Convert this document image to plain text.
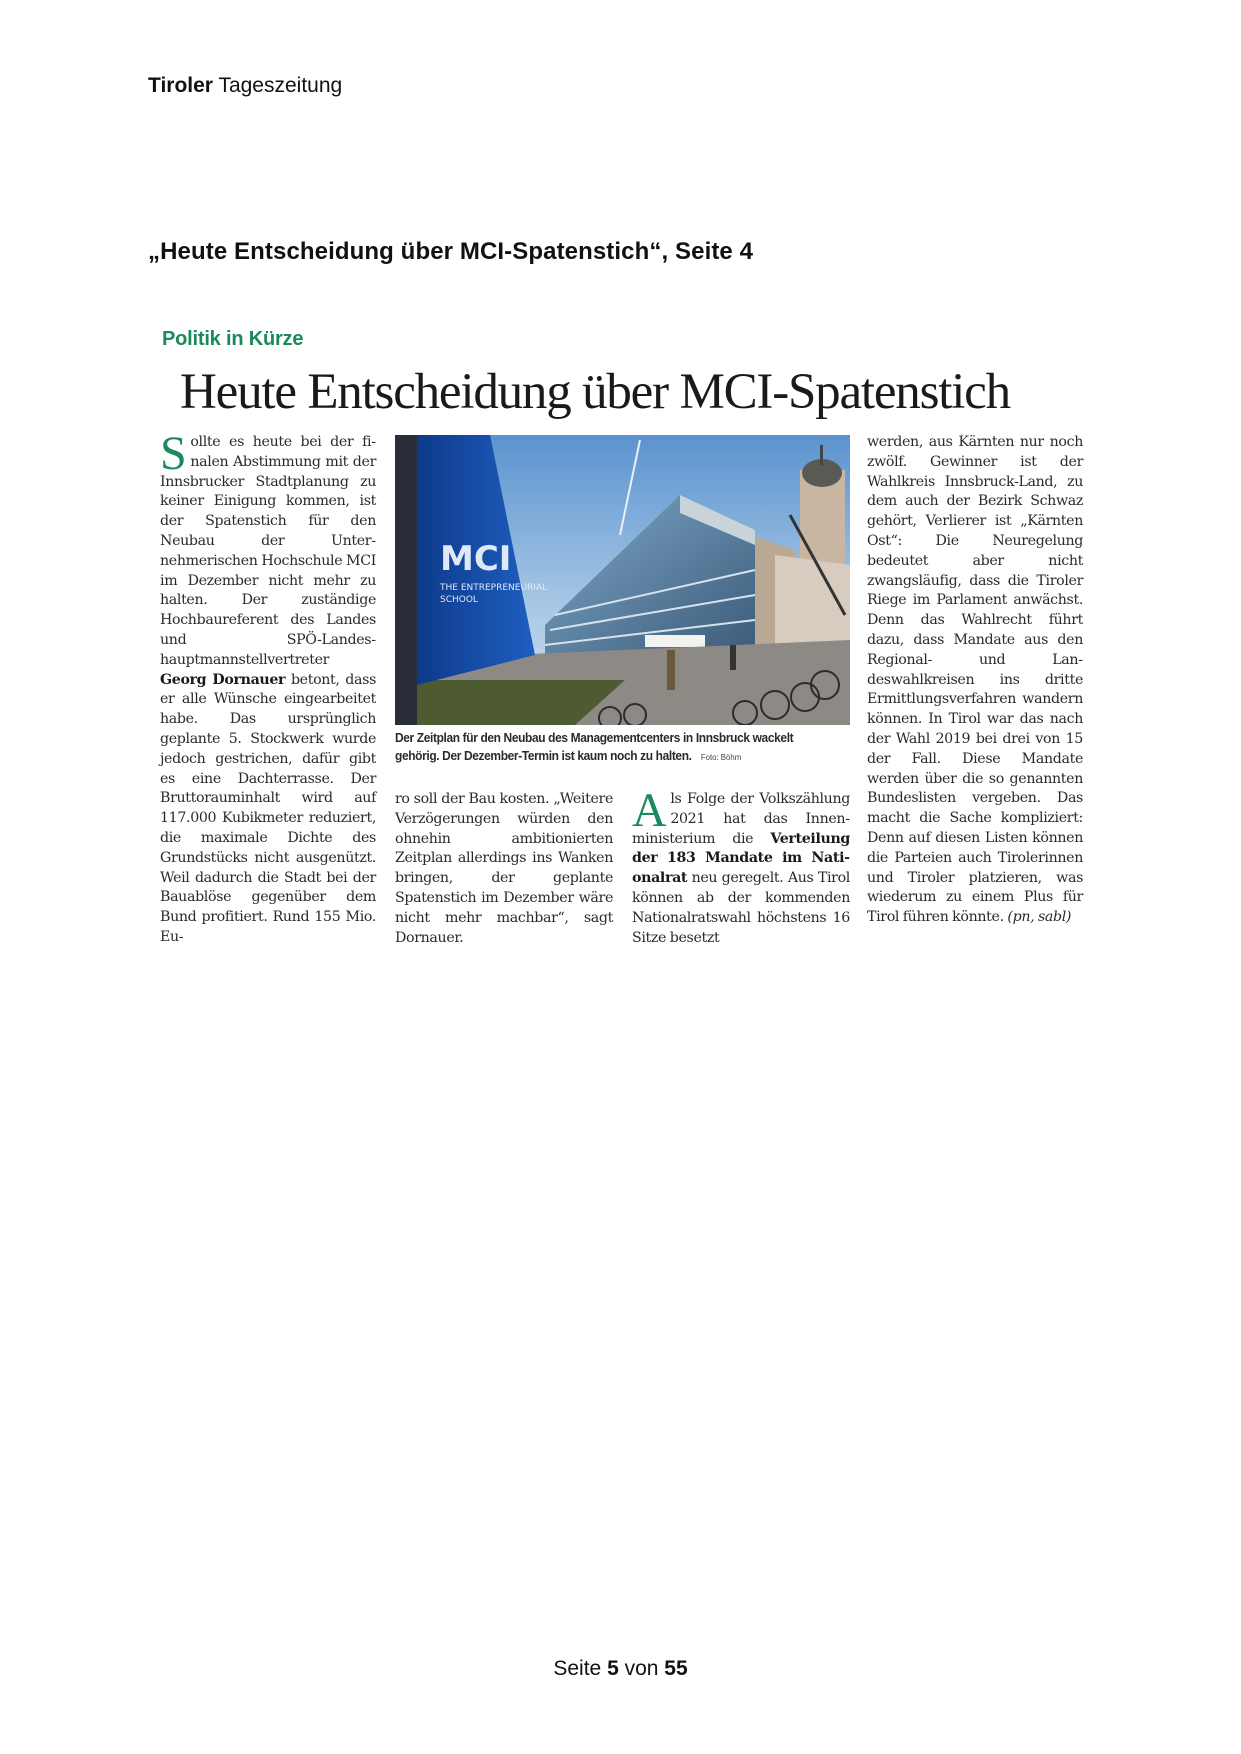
Tiroler Tageszeitung
„Heute Entscheidung über MCI-Spatenstich“, Seite 4
Politik in Kürze
Heute Entscheidung über MCI-Spatenstich
Sollte es heute bei der finalen Abstimmung mit der Innsbrucker Stadtplanung zu keiner Einigung kommen, ist der Spatenstich für den Neubau der Unternehmerischen Hochschule MCI im Dezember nicht mehr zu halten. Der zuständige Hochbaureferent des Landes und SPÖ-Landeshauptmannstellvertreter Georg Dornauer betont, dass er alle Wünsche eingearbeitet habe. Das ursprünglich geplante 5. Stockwerk wurde jedoch gestrichen, dafür gibt es eine Dachterrasse. Der Bruttorauminhalt wird auf 117.000 Kubikmeter reduziert, die maximale Dichte des Grundstücks nicht ausgenützt. Weil dadurch die Stadt bei der Bauablöse gegenüber dem Bund profitiert. Rund 155 Mio. Eu-
MCI
THE ENTREPRENEURIAL
SCHOOL
Der Zeitplan für den Neubau des Managementcenters in Innsbruck wackelt gehörig. Der Dezember-Termin ist kaum noch zu halten. Foto: Böhm
ro soll der Bau kosten. „Weitere Verzögerungen würden den ohnehin ambitionierten Zeitplan allerdings ins Wanken bringen, der geplante Spatenstich im Dezember wäre nicht mehr machbar“, sagt Dornauer.
Als Folge der Volkszählung 2021 hat das Innenministerium die Verteilung der 183 Mandate im Nationalrat neu geregelt. Aus Tirol können ab der kommenden Nationalratswahl höchstens 16 Sitze besetzt
werden, aus Kärnten nur noch zwölf. Gewinner ist der Wahlkreis Innsbruck-Land, zu dem auch der Bezirk Schwaz gehört, Verlierer ist „Kärnten Ost“: Die Neuregelung bedeutet aber nicht zwangsläufig, dass die Tiroler Riege im Parlament anwächst. Denn das Wahlrecht führt dazu, dass Mandate aus den Regional- und Landeswahlkreisen ins dritte Ermittlungsverfahren wandern können. In Tirol war das nach der Wahl 2019 bei drei von 15 der Fall. Diese Mandate werden über die so genannten Bundeslisten vergeben. Das macht die Sache kompliziert: Denn auf diesen Listen können die Parteien auch Tirolerinnen und Tiroler platzieren, was wiederum zu einem Plus für Tirol führen könnte. (pn, sabl)
Seite 5 von 55
